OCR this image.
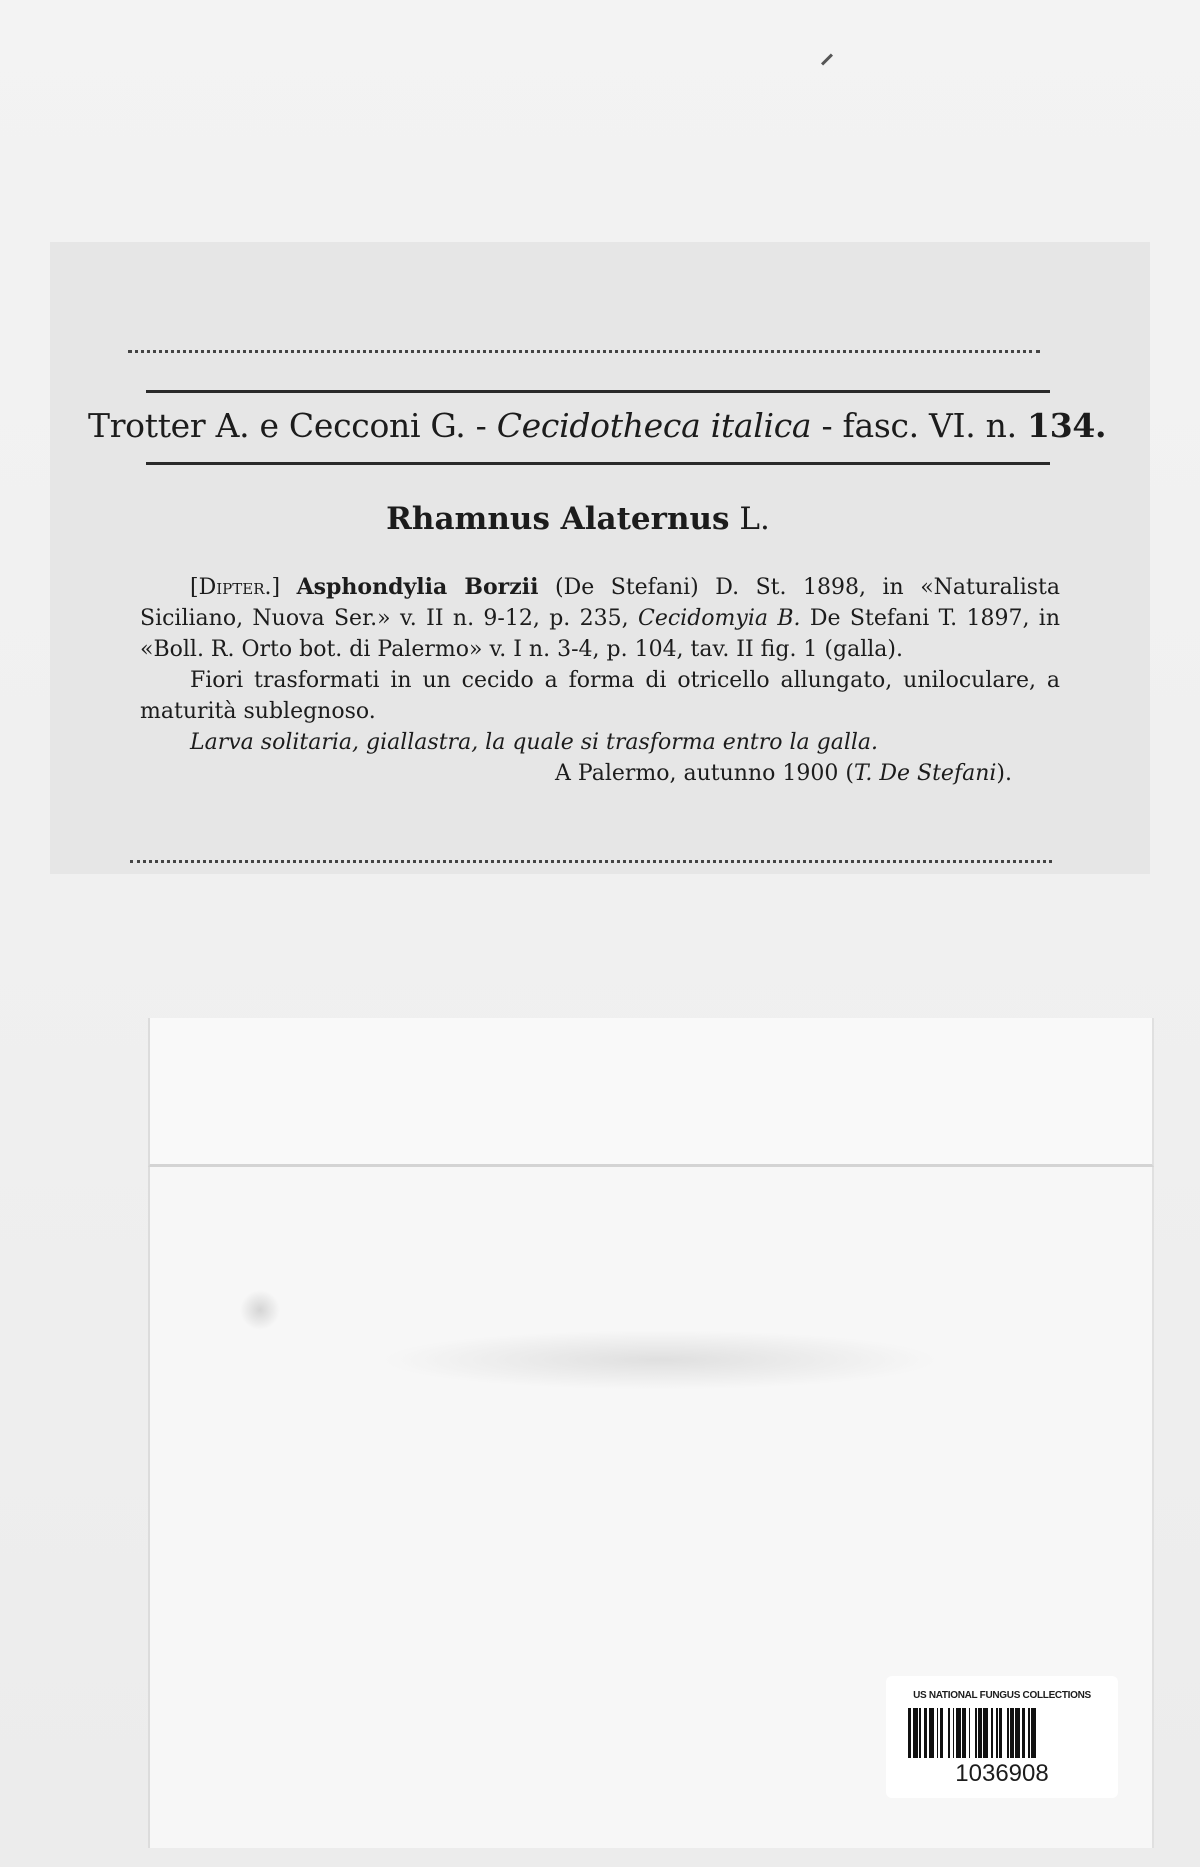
Trotter A. e Cecconi G. - Cecidotheca italica - fasc. VI. n. 134.
Rhamnus Alaternus L.

[Dipter.] Asphondylia Borzii (De Stefani) D. St. 1898, in «Naturalista Siciliano, Nuova Ser.» v. II n. 9-12, p. 235, Cecidomyia B. De Stefani T. 1897, in «Boll. R. Orto bot. di Palermo» v. I n. 3-4, p. 104, tav. II fig. 1 (galla).

Fiori trasformati in un cecido a forma di otricello allungato, uniloculare, a maturità sublegnoso.

Larva solitaria, giallastra, la quale si trasforma entro la galla.

A Palermo, autunno 1900 (T. De Stefani).

US NATIONAL FUNGUS COLLECTIONS
1036908
